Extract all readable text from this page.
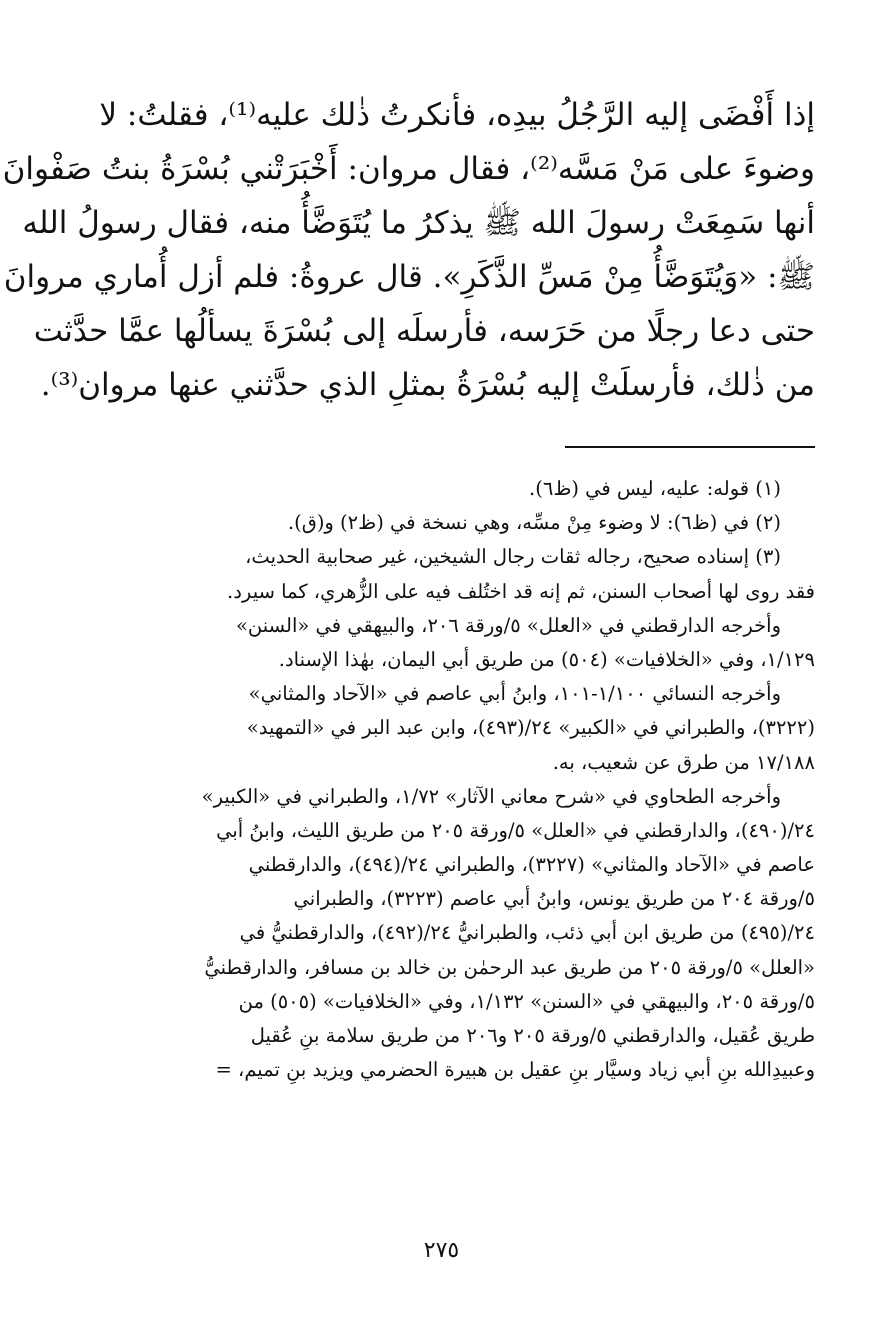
إذا أَفْضَى إليه الرَّجُلُ بيدِه، فأنكرتُ ذٰلك عليه⁽¹⁾، فقلتُ: لا
وضوءَ على مَنْ مَسَّه⁽²⁾، فقال مروان: أَخْبَرَتْني بُسْرَةُ بنتُ صَفْوانَ
أنها سَمِعَتْ رسولَ الله ﷺ يذكرُ ما يُتَوَضَّأُ منه، فقال رسولُ الله
ﷺ: «وَيُتَوَضَّأُ مِنْ مَسِّ الذَّكَرِ». قال عروةُ: فلم أزل أُماري مروانَ
حتى دعا رجلًا من حَرَسه، فأرسلَه إلى بُسْرَةَ يسألُها عمَّا حدَّثت
من ذٰلك، فأرسلَتْ إليه بُسْرَةُ بمثلِ الذي حدَّثني عنها مروان⁽³⁾.
(١) قوله: عليه، ليس في (ظ٦).
(٢) في (ظ٦): لا وضوء مِنْ مسِّه، وهي نسخة في (ظ٢) و(ق).
(٣) إسناده صحيح، رجاله ثقات رجال الشيخين، غير صحابية الحديث،
فقد روى لها أصحاب السنن، ثم إنه قد اختُلف فيه على الزُّهري، كما سيرد.
وأخرجه الدارقطني في «العلل» ٥/ورقة ٢٠٦، والبيهقي في «السنن»
١/١٢٩، وفي «الخلافيات» (٥٠٤) من طريق أبي اليمان، بهٰذا الإسناد.
وأخرجه النسائي ١/١٠٠-١٠١، وابنُ أبي عاصم في «الآحاد والمثاني»
(٣٢٢٢)، والطبراني في «الكبير» ٢٤/(٤٩٣)، وابن عبد البر في «التمهيد»
١٧/١٨٨ من طرق عن شعيب، به.
وأخرجه الطحاوي في «شرح معاني الآثار» ١/٧٢، والطبراني في «الكبير»
٢٤/(٤٩٠)، والدارقطني في «العلل» ٥/ورقة ٢٠٥ من طريق الليث، وابنُ أبي
عاصم في «الآحاد والمثاني» (٣٢٢٧)، والطبراني ٢٤/(٤٩٤)، والدارقطني
٥/ورقة ٢٠٤ من طريق يونس، وابنُ أبي عاصم (٣٢٢٣)، والطبراني
٢٤/(٤٩٥) من طريق ابن أبي ذئب، والطبرانيُّ ٢٤/(٤٩٢)، والدارقطنيُّ في
«العلل» ٥/ورقة ٢٠٥ من طريق عبد الرحمٰن بن خالد بن مسافر، والدارقطنيُّ
٥/ورقة ٢٠٥، والبيهقي في «السنن» ١/١٣٢، وفي «الخلافيات» (٥٠٥) من
طريق عُقيل، والدارقطني ٥/ورقة ٢٠٥ و٢٠٦ من طريق سلامة بنِ عُقيل
وعبيدِالله بنِ أبي زياد وسيَّار بنِ عقيل بن هبيرة الحضرمي ويزيد بنِ تميم، =
٢٧٥
